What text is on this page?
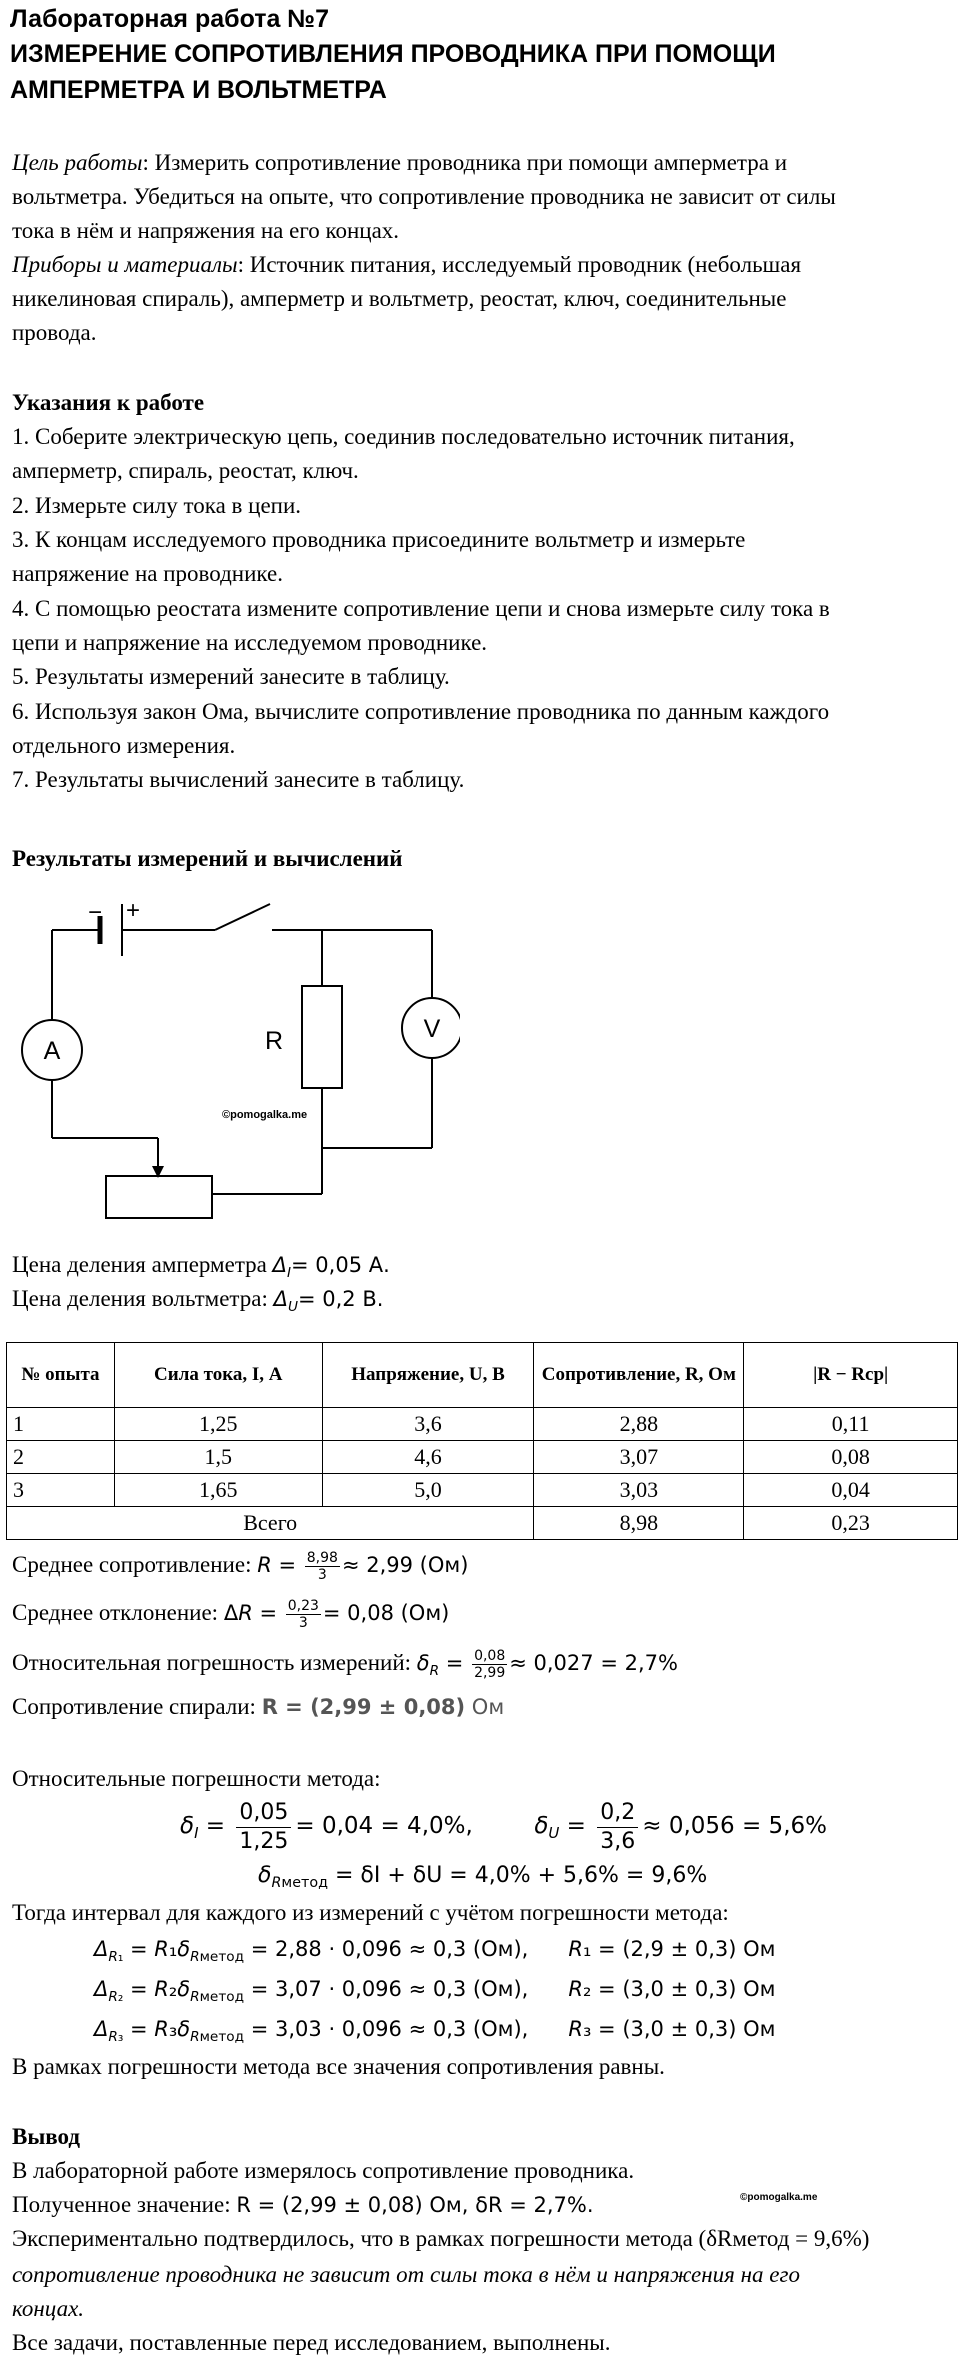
Лабораторная работа №7
ИЗМЕРЕНИЕ СОПРОТИВЛЕНИЯ ПРОВОДНИКА ПРИ ПОМОЩИ
АМПЕРМЕТРА И ВОЛЬТМЕТРА
Цель работы: Измерить сопротивление проводника при помощи амперметра и
вольтметра. Убедиться на опыте, что сопротивление проводника не зависит от силы
тока в нём и напряжения на его концах.
Приборы и материалы: Источник питания, исследуемый проводник (небольшая
никелиновая спираль), амперметр и вольтметр, реостат, ключ, соединительные
провода.
Указания к работе
1. Соберите электрическую цепь, соединив последовательно источник питания,
амперметр, спираль, реостат, ключ.
2. Измерьте силу тока в цепи.
3. К концам исследуемого проводника присоедините вольтметр и измерьте
напряжение на проводнике.
4. С помощью реостата измените сопротивление цепи и снова измерьте силу тока в
цепи и напряжение на исследуемом проводнике.
5. Результаты измерений занесите в таблицу.
6. Используя закон Ома, вычислите сопротивление проводника по данным каждого
отдельного измерения.
7. Результаты вычислений занесите в таблицу.
Результаты измерений и вычислений
− +
A
V
R
©pomogalka.me
Цена деления амперметра $\Delta_I= 0,05$ А.
Цена деления вольтметра: $\Delta_U= 0,2$ В.
№ опыта	Сила тока, I, А	Напряжение, U, В	Сопротивление, R, Ом	|R − Rср|
1	1,25	3,6	2,88	0,11
2	1,5	4,6	3,07	0,08
3	1,65	5,0	3,03	0,04
Всего			8,98	0,23
Среднее сопротивление: $R = \frac{8,98}{3} \approx 2,99$ (Ом)
Среднее отклонение: $\Delta R = \frac{0,23}{3} = 0,08$ (Ом)
Относительная погрешность измерений: $\delta_R = \frac{0,08}{2,99} \approx 0,027 = 2,7\%$
Сопротивление спирали: R = (2,99 ± 0,08) Ом
Относительные погрешности метода:
$\delta_I = \frac{0,05}{1,25} = 0,04 = 4,0\%$,	$\delta_U = \frac{0,2}{3,6} \approx 0,056 = 5,6\%$
$\delta_{Rметод} = \delta I + \delta U = 4,0\% + 5,6\% = 9,6\%$
Тогда интервал для каждого из измерений с учётом погрешности метода:
$\Delta_{R_1} = R_1\delta_{Rметод} = 2,88 \cdot 0,096 \approx 0,3$ (Ом), R₁ = (2,9 ± 0,3) Ом
$\Delta_{R_2} = R_2\delta_{Rметод} = 3,07 \cdot 0,096 \approx 0,3$ (Ом), R₂ = (3,0 ± 0,3) Ом
$\Delta_{R_3} = R_3\delta_{Rметод} = 3,03 \cdot 0,096 \approx 0,3$ (Ом), R₃ = (3,0 ± 0,3) Ом
В рамках погрешности метода все значения сопротивления равны.
Вывод
В лабораторной работе измерялось сопротивление проводника.
Полученное значение: R = (2,99 ± 0,08) Ом, δR = 2,7%.	©pomogalka.me
Экспериментально подтвердилось, что в рамках погрешности метода (δRметод = 9,6%)
сопротивление проводника не зависит от силы тока в нём и напряжения на его
концах.
Все задачи, поставленные перед исследованием, выполнены.
